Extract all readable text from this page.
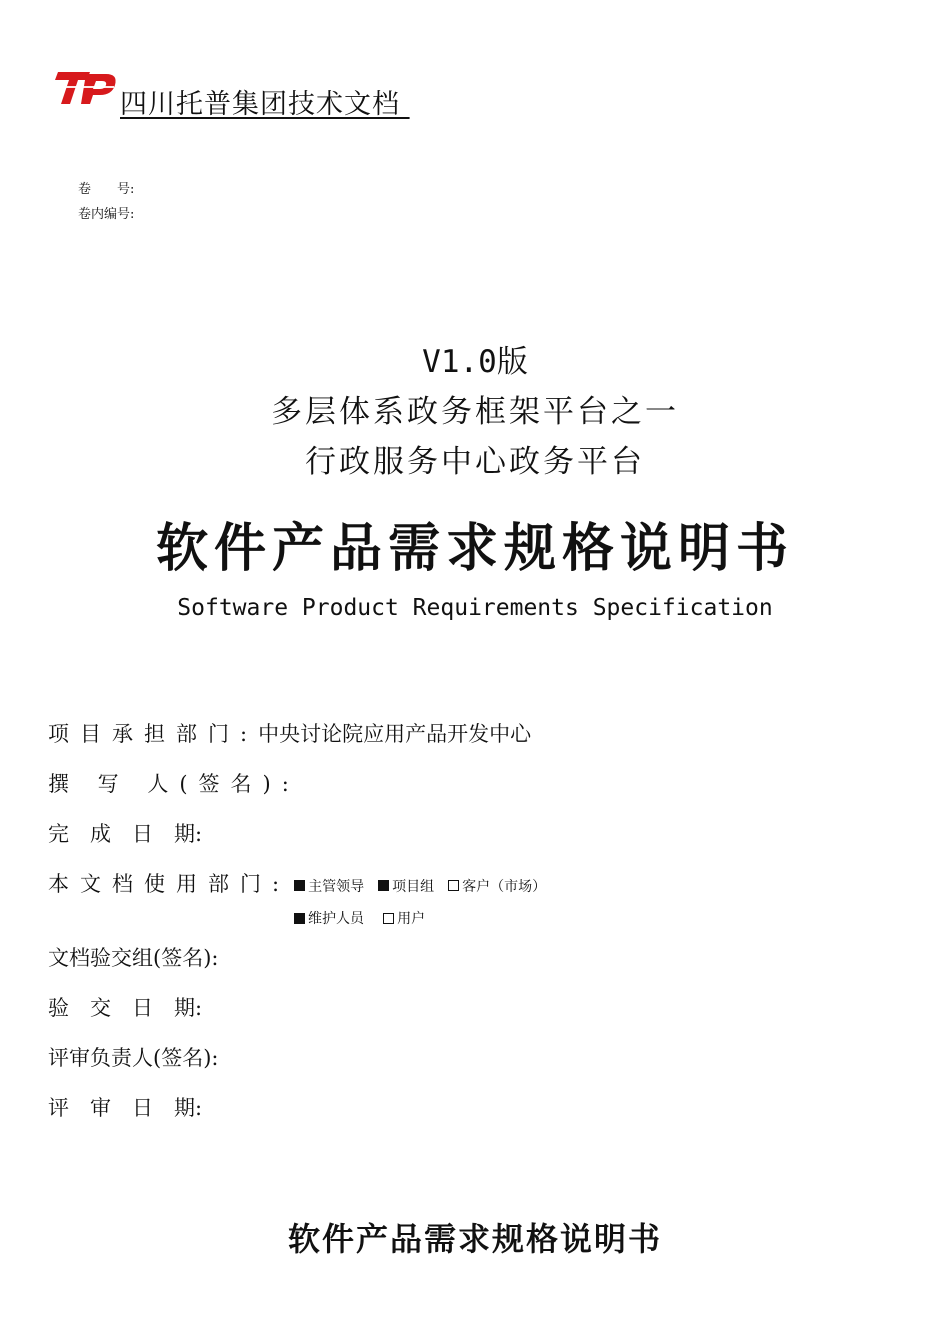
四川托普集团技术文档
卷　　号:
卷内编号:
V1.0版
多层体系政务框架平台之一
行政服务中心政务平台
软件产品需求规格说明书
Software Product Requirements Specification
项目承担部门:中央讨论院应用产品开发中心
撰 写 人(签名):
完　成　日　期:
本文档使用部门: 主管领导 项目组 客户（市场）
维护人员
用户
文档验交组(签名):
验　交　日　期:
评审负责人(签名):
评　审　日　期:
软件产品需求规格说明书
